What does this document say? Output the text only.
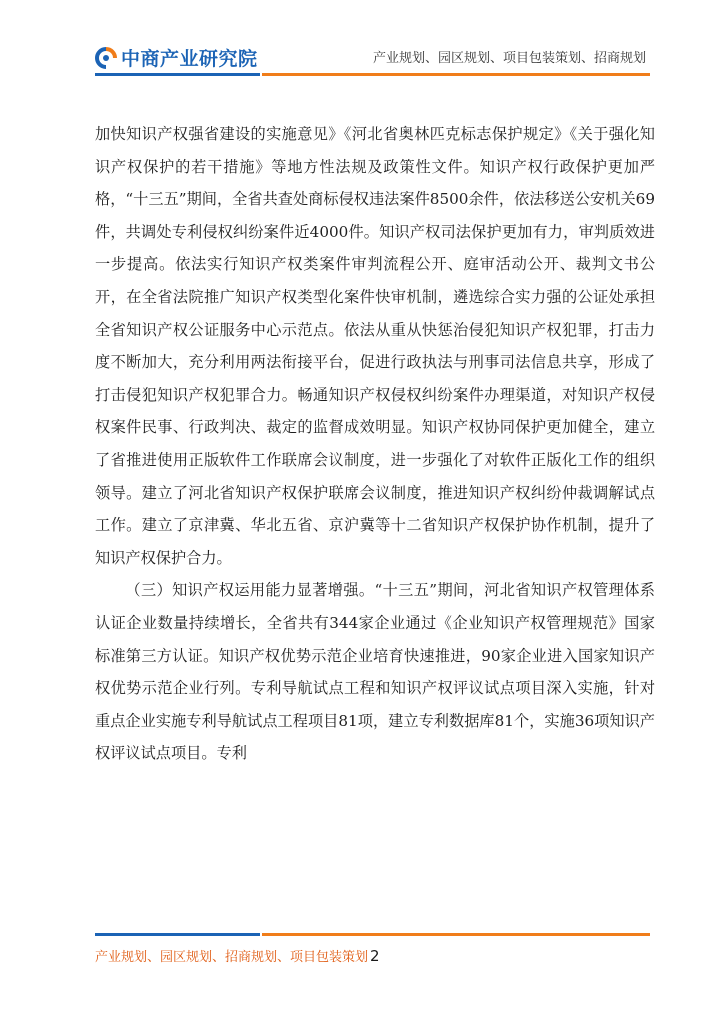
中商产业研究院	产业规划、园区规划、项目包装策划、招商规划

加快知识产权强省建设的实施意见》《河北省奥林匹克标志保护规定》《关于强化知识产权保护的若干措施》等地方性法规及政策性文件。知识产权行政保护更加严格，“十三五”期间，全省共查处商标侵权违法案件8500余件，依法移送公安机关69件，共调处专利侵权纠纷案件近4000件。知识产权司法保护更加有力，审判质效进一步提高。依法实行知识产权类案件审判流程公开、庭审活动公开、裁判文书公开，在全省法院推广知识产权类型化案件快审机制，遴选综合实力强的公证处承担全省知识产权公证服务中心示范点。依法从重从快惩治侵犯知识产权犯罪，打击力度不断加大，充分利用两法衔接平台，促进行政执法与刑事司法信息共享，形成了打击侵犯知识产权犯罪合力。畅通知识产权侵权纠纷案件办理渠道，对知识产权侵权案件民事、行政判决、裁定的监督成效明显。知识产权协同保护更加健全，建立了省推进使用正版软件工作联席会议制度，进一步强化了对软件正版化工作的组织领导。建立了河北省知识产权保护联席会议制度，推进知识产权纠纷仲裁调解试点工作。建立了京津冀、华北五省、京沪冀等十二省知识产权保护协作机制，提升了知识产权保护合力。

（三）知识产权运用能力显著增强。“十三五”期间，河北省知识产权管理体系认证企业数量持续增长，全省共有344家企业通过《企业知识产权管理规范》国家标准第三方认证。知识产权优势示范企业培育快速推进，90家企业进入国家知识产权优势示范企业行列。专利导航试点工程和知识产权评议试点项目深入实施，针对重点企业实施专利导航试点工程项目81项，建立专利数据库81个，实施36项知识产权评议试点项目。专利

产业规划、园区规划、招商规划、项目包装策划 2
